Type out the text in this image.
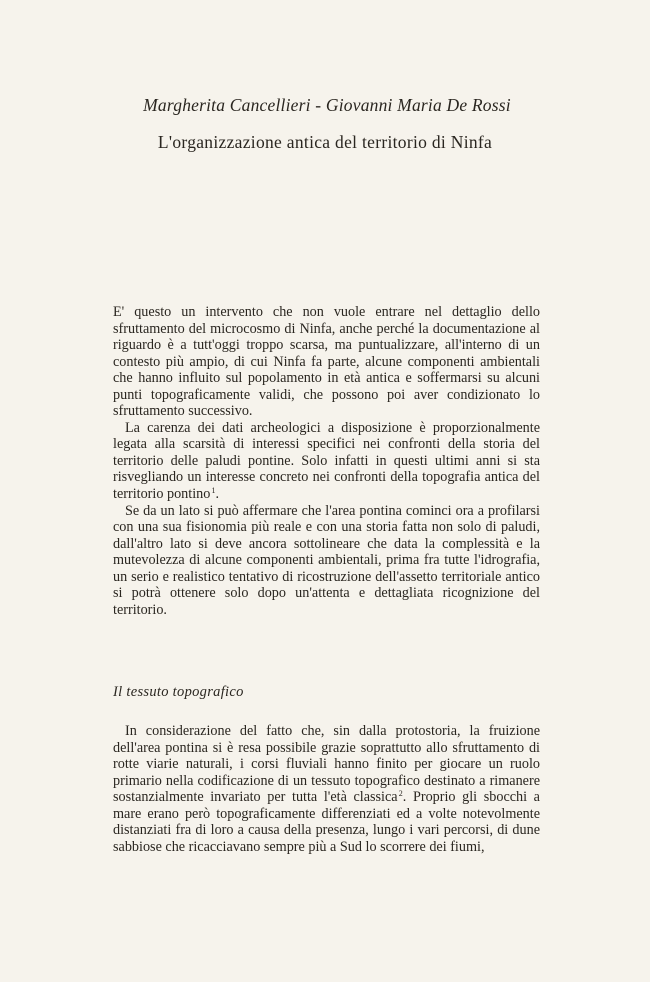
Margherita Cancellieri - Giovanni Maria De Rossi
L'organizzazione antica del territorio di Ninfa

E' questo un intervento che non vuole entrare nel dettaglio dello sfruttamento del microcosmo di Ninfa, anche perché la documentazione al riguardo è a tutt'oggi troppo scarsa, ma puntualizzare, all'interno di un contesto più ampio, di cui Ninfa fa parte, alcune componenti ambientali che hanno influito sul popolamento in età antica e soffermarsi su alcuni punti topograficamente validi, che possono poi aver condizionato lo sfruttamento successivo.

La carenza dei dati archeologici a disposizione è proporzionalmente legata alla scarsità di interessi specifici nei confronti della storia del territorio delle paludi pontine. Solo infatti in questi ultimi anni si sta risvegliando un interesse concreto nei confronti della topografia antica del territorio pontino $^1$.

Se da un lato si può affermare che l'area pontina cominci ora a profilarsi con una sua fisionomia più reale e con una storia fatta non solo di paludi, dall'altro lato si deve ancora sottolineare che data la complessità e la mutevolezza di alcune componenti ambientali, prima fra tutte l'idrografia, un serio e realistico tentativo di ricostruzione dell'assetto territoriale antico si potrà ottenere solo dopo un'attenta e dettagliata ricognizione del territorio.

Il tessuto topografico

In considerazione del fatto che, sin dalla protostoria, la fruizione dell'area pontina si è resa possibile grazie soprattutto allo sfruttamento di rotte viarie naturali, i corsi fluviali hanno finito per giocare un ruolo primario nella codificazione di un tessuto topografico destinato a rimanere sostanzialmente invariato per tutta l'età classica $^2$. Proprio gli sbocchi a mare erano però topograficamente differenziati ed a volte notevolmente distanziati fra di loro a causa della presenza, lungo i vari percorsi, di dune sabbiose che ricacciavano sempre più a Sud lo scorrere dei fiumi,
